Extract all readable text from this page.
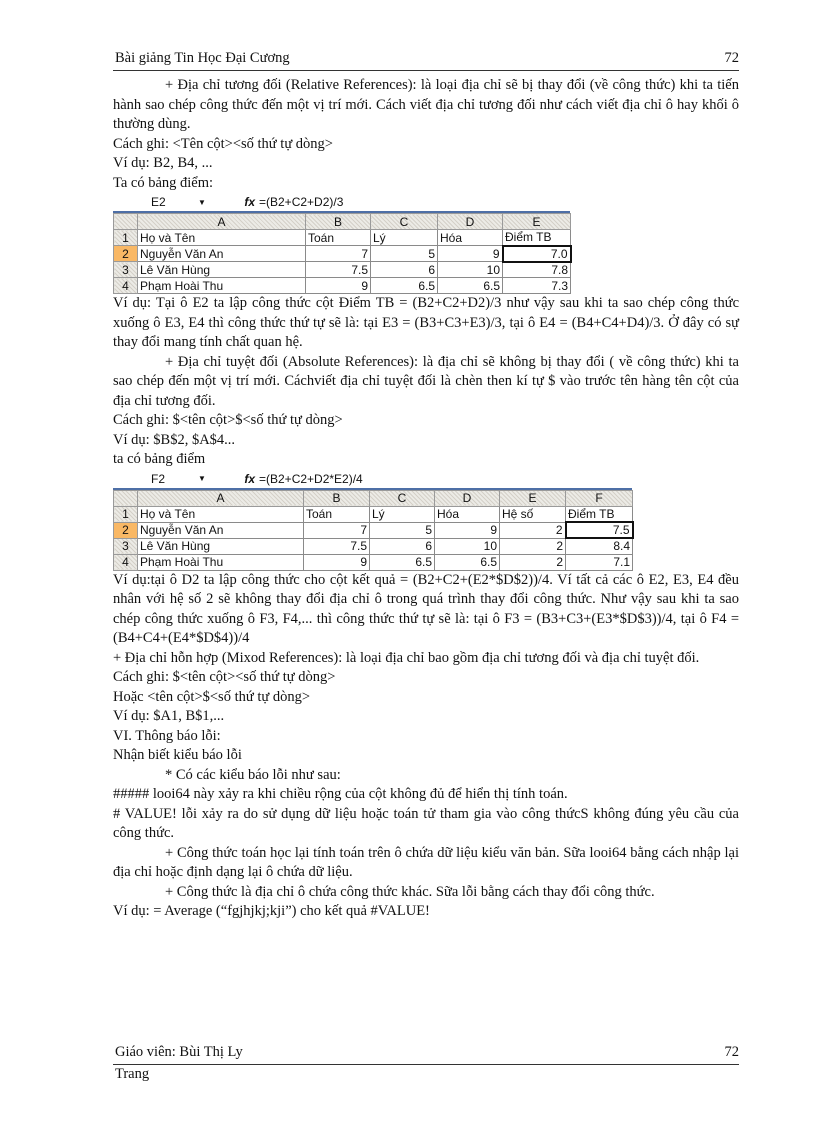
Bài giảng Tin Học Đại Cương	72

+ Địa chỉ tương đối (Relative References): là loại địa chỉ sẽ bị thay đổi (về công thức) khi ta tiến hành sao chép công thức đến một vị trí mới. Cách viết địa chỉ tương đối như cách viết địa chỉ ô hay khối ô thường dùng.

Cách ghi: <Tên cột><số thứ tự dòng>

Ví dụ: B2, B4, ...

Ta có bảng điểm:

E2	▼	fx =(B2+C2+D2)/3
	A	B	C	D	E
1	Họ và Tên	Toán	Lý	Hóa	Điểm TB
2	Nguyễn Văn An	7	5	9	7.0
3	Lê Văn Hùng	7.5	6	10	7.8
4	Phạm Hoài Thu	9	6.5	6.5	7.3

Ví dụ: Tại ô E2 ta lập công thức cột Điểm TB = (B2+C2+D2)/3 như vậy sau khi ta sao chép công thức xuống ô E3, E4 thì công thức thứ tự sẽ là: tại E3 = (B3+C3+E3)/3, tại ô E4 = (B4+C4+D4)/3. Ở đây có sự thay đổi mang tính chất quan hệ.

+ Địa chỉ tuyệt đối (Absolute References): là địa chỉ sẽ không bị thay đổi ( về công thức) khi ta sao chép đến một vị trí mới. Cáchviết địa chỉ tuyệt đối là chèn then kí tự $ vào trước tên hàng tên cột của địa chỉ tương đối.

Cách ghi: $<tên cột>$<số thứ tự dòng>

Ví dụ: $B$2, $A$4...

ta có bảng điểm

F2	▼	fx =(B2+C2+D2*E2)/4
	A	B	C	D	E	F
1	Họ và Tên	Toán	Lý	Hóa	Hệ số	Điểm TB
2	Nguyễn Văn An	7	5	9	2	7.5
3	Lê Văn Hùng	7.5	6	10	2	8.4
4	Phạm Hoài Thu	9	6.5	6.5	2	7.1

Ví dụ:tại ô D2 ta lập công thức cho cột kết quả = (B2+C2+(E2*$D$2))/4. Ví tất cả các ô E2, E3, E4 đều nhân với hệ số 2 sẽ không thay đổi địa chỉ ô trong quá trình thay đổi công thức. Như vậy sau khi ta sao chép công thức xuống ô F3, F4,... thì công thức thứ tự sẽ là: tại ô F3 = (B3+C3+(E3*$D$3))/4, tại ô F4 = (B4+C4+(E4*$D$4))/4

+ Địa chỉ hỗn hợp (Mixod References): là loại địa chỉ bao gồm địa chỉ tương đối và địa chỉ tuyệt đối.

Cách ghi: $<tên cột><số thứ tự dòng>

Hoặc <tên cột>$<số thứ tự dòng>

Ví dụ: $A1, B$1,...

VI. Thông báo lỗi:

Nhận biết kiểu báo lỗi

* Có các kiểu báo lỗi như sau:

##### looi64 này xảy ra khi chiều rộng của cột không đủ để hiển thị tính toán.

# VALUE! lỗi xảy ra do sử dụng dữ liệu hoặc toán tử tham gia vào công thứcS không đúng yêu cầu của công thức.

+ Công thức toán học lại tính toán trên ô chứa dữ liệu kiểu văn bản. Sữa looi64 bằng cách nhập lại địa chỉ hoặc định dạng lại ô chứa dữ liệu.

+ Công thức là địa chỉ ô chứa công thức khác. Sữa lỗi bằng cách thay đổi công thức.

Ví dụ: = Average (“fgjhjkj;kji”) cho kết quả #VALUE!

Giáo viên: Bùi Thị Ly	72
Trang
